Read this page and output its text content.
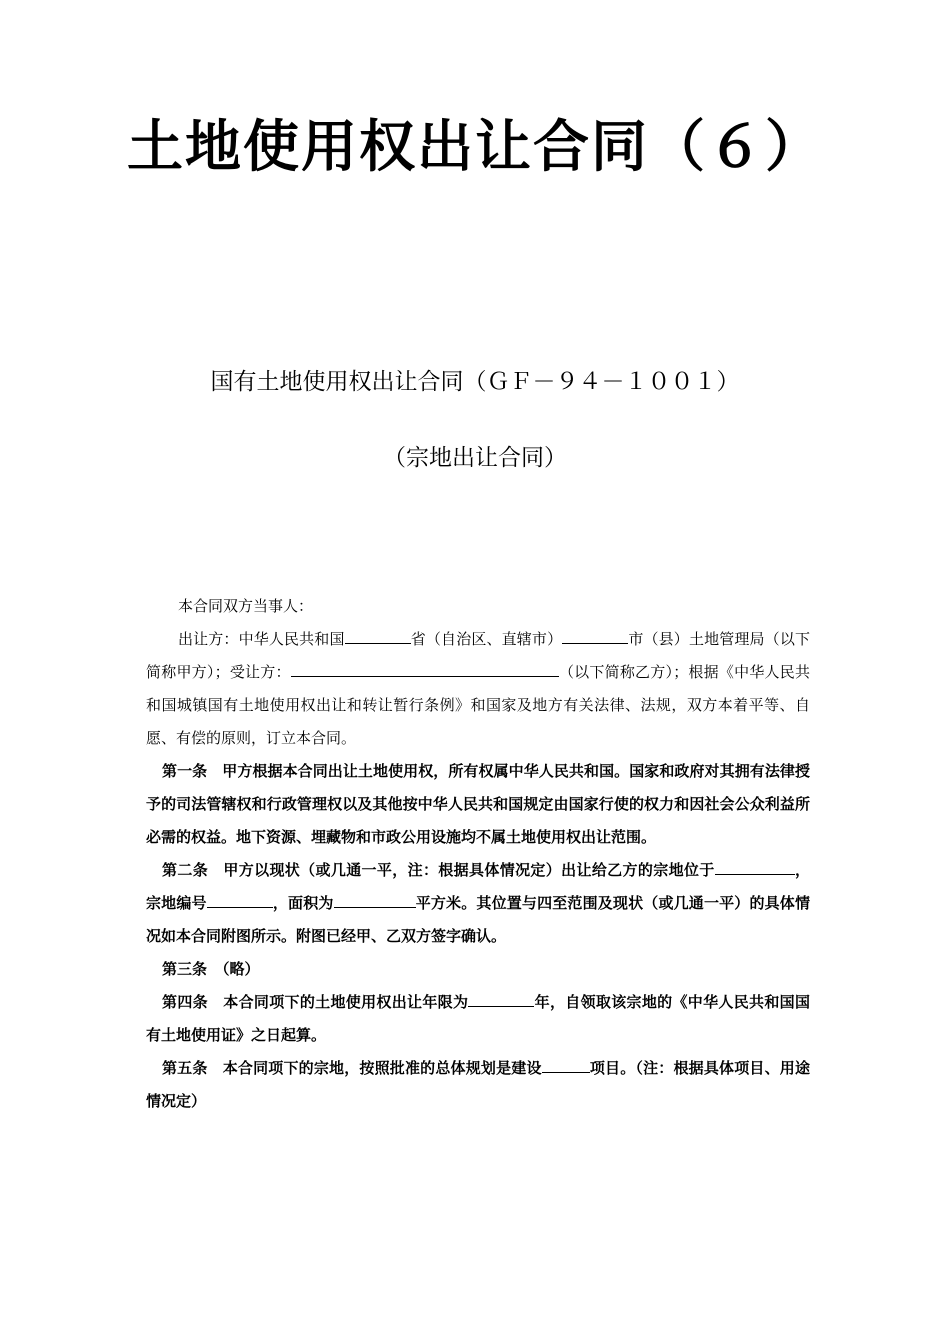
土地使用权出让合同（６）
国有土地使用权出让合同（ＧＦ－９４－１００１）
（宗地出让合同）

本合同双方当事人：

出让方：中华人民共和国	省（自治区、直辖市）	市（县）土地管理局（以下简称甲方）；受让方：	（以下简称乙方）；根据《中华人民共和国城镇国有土地使用权出让和转让暂行条例》和国家及地方有关法律、法规，双方本着平等、自愿、有偿的原则，订立本合同。

第一条　甲方根据本合同出让土地使用权，所有权属中华人民共和国。国家和政府对其拥有法律授予的司法管辖权和行政管理权以及其他按中华人民共和国规定由国家行使的权力和因社会公众利益所必需的权益。地下资源、埋藏物和市政公用设施均不属土地使用权出让范围。

第二条　甲方以现状（或几通一平，注：根据具体情况定）出让给乙方的宗地位于	，宗地编号	，面积为	平方米。其位置与四至范围及现状（或几通一平）的具体情况如本合同附图所示。附图已经甲、乙双方签字确认。

第三条　（略）

第四条　本合同项下的土地使用权出让年限为	年，自领取该宗地的《中华人民共和国国有土地使用证》之日起算。

第五条　本合同项下的宗地，按照批准的总体规划是建设	项目。（注：根据具体项目、用途情况定）
